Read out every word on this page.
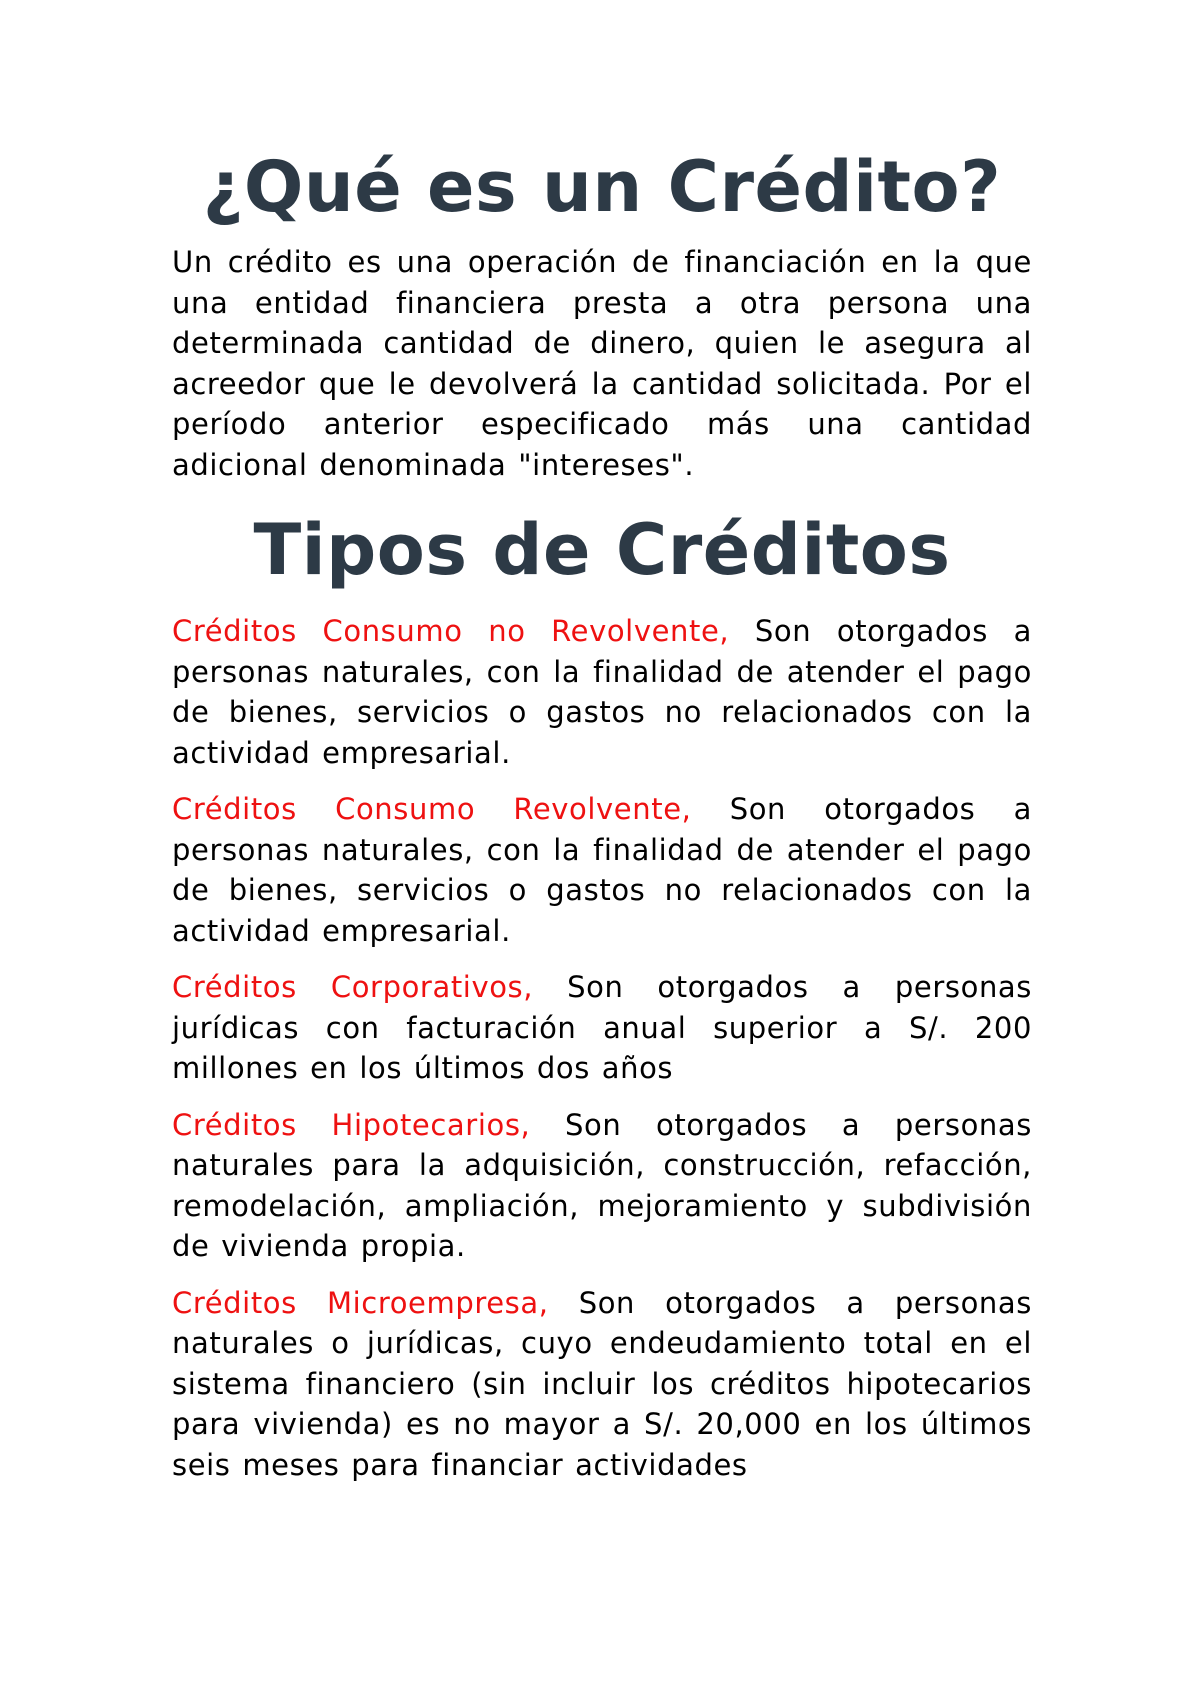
¿Qué es un Crédito?

Un crédito es una operación de financiación en la que una entidad financiera presta a otra persona una determinada cantidad de dinero, quien le asegura al acreedor que le devolverá la cantidad solicitada. Por el período anterior especificado más una cantidad adicional denominada "intereses".

Tipos de Créditos

Créditos Consumo no Revolvente, Son otorgados a personas naturales, con la finalidad de atender el pago de bienes, servicios o gastos no relacionados con la actividad empresarial.

Créditos Consumo Revolvente, Son otorgados a personas naturales, con la finalidad de atender el pago de bienes, servicios o gastos no relacionados con la actividad empresarial.

Créditos Corporativos, Son otorgados a personas jurídicas con facturación anual superior a S/. 200 millones en los últimos dos años

Créditos Hipotecarios, Son otorgados a personas naturales para la adquisición, construcción, refacción, remodelación, ampliación, mejoramiento y subdivisión de vivienda propia.

Créditos Microempresa, Son otorgados a personas naturales o jurídicas, cuyo endeudamiento total en el sistema financiero (sin incluir los créditos hipotecarios para vivienda) es no mayor a S/. 20,000 en los últimos seis meses para financiar actividades
